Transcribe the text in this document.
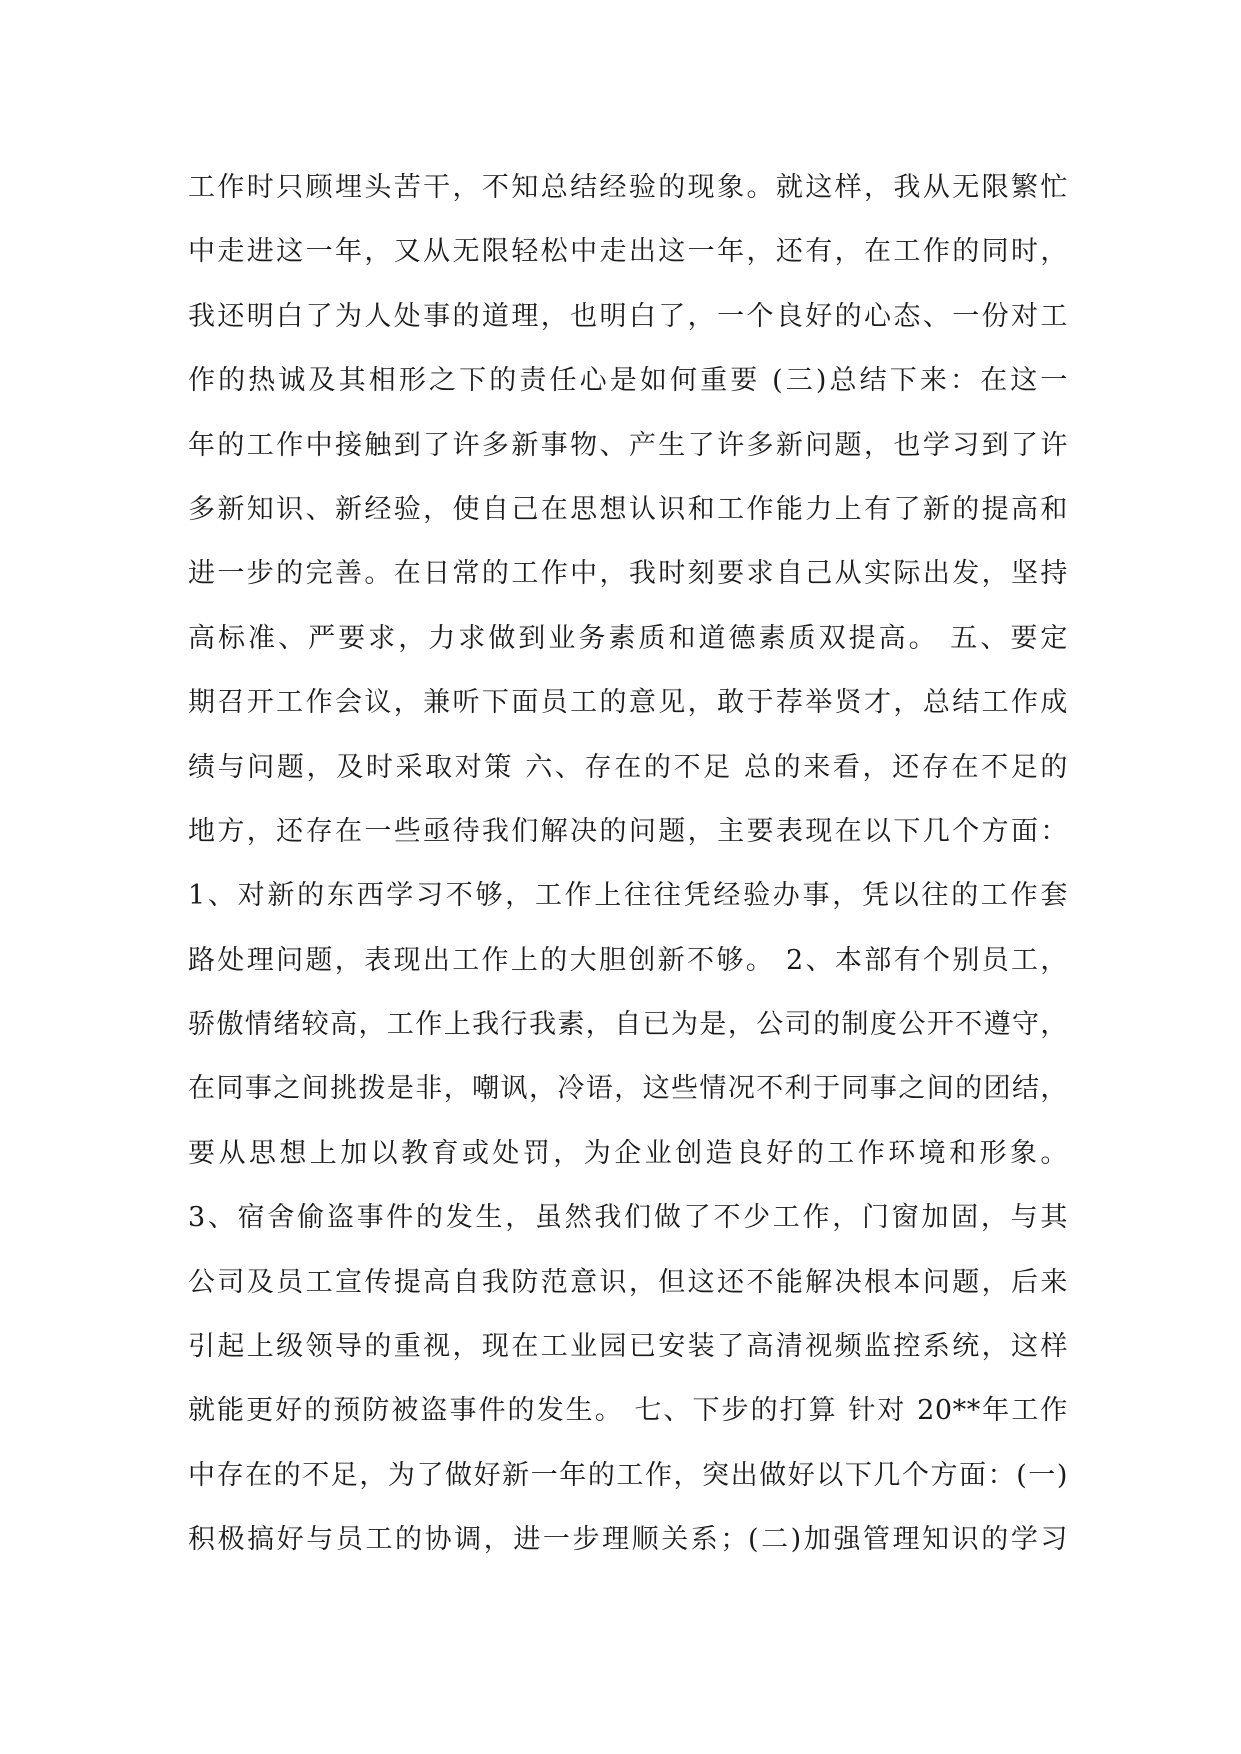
工作时只顾埋头苦干，不知总结经验的现象。就这样，我从无限繁忙
中走进这一年，又从无限轻松中走出这一年，还有，在工作的同时，
我还明白了为人处事的道理，也明白了，一个良好的心态、一份对工
作的热诚及其相形之下的责任心是如何重要 (三)总结下来：在这一
年的工作中接触到了许多新事物、产生了许多新问题，也学习到了许
多新知识、新经验，使自己在思想认识和工作能力上有了新的提高和
进一步的完善。在日常的工作中，我时刻要求自己从实际出发，坚持
高标准、严要求，力求做到业务素质和道德素质双提高。 五、要定
期召开工作会议，兼听下面员工的意见，敢于荐举贤才，总结工作成
绩与问题，及时采取对策 六、存在的不足 总的来看，还存在不足的
地方，还存在一些亟待我们解决的问题，主要表现在以下几个方面：
1、对新的东西学习不够，工作上往往凭经验办事，凭以往的工作套
路处理问题，表现出工作上的大胆创新不够。 2、本部有个别员工，
骄傲情绪较高，工作上我行我素，自已为是，公司的制度公开不遵守，
在同事之间挑拨是非，嘲讽，冷语，这些情况不利于同事之间的团结，
要从思想上加以教育或处罚，为企业创造良好的工作环境和形象。
3、宿舍偷盗事件的发生，虽然我们做了不少工作，门窗加固，与其
公司及员工宣传提高自我防范意识，但这还不能解决根本问题，后来
引起上级领导的重视，现在工业园已安装了高清视频监控系统，这样
就能更好的预防被盗事件的发生。 七、下步的打算 针对 20**年工作
中存在的不足，为了做好新一年的工作，突出做好以下几个方面：(一)
积极搞好与员工的协调，进一步理顺关系；(二)加强管理知识的学习
